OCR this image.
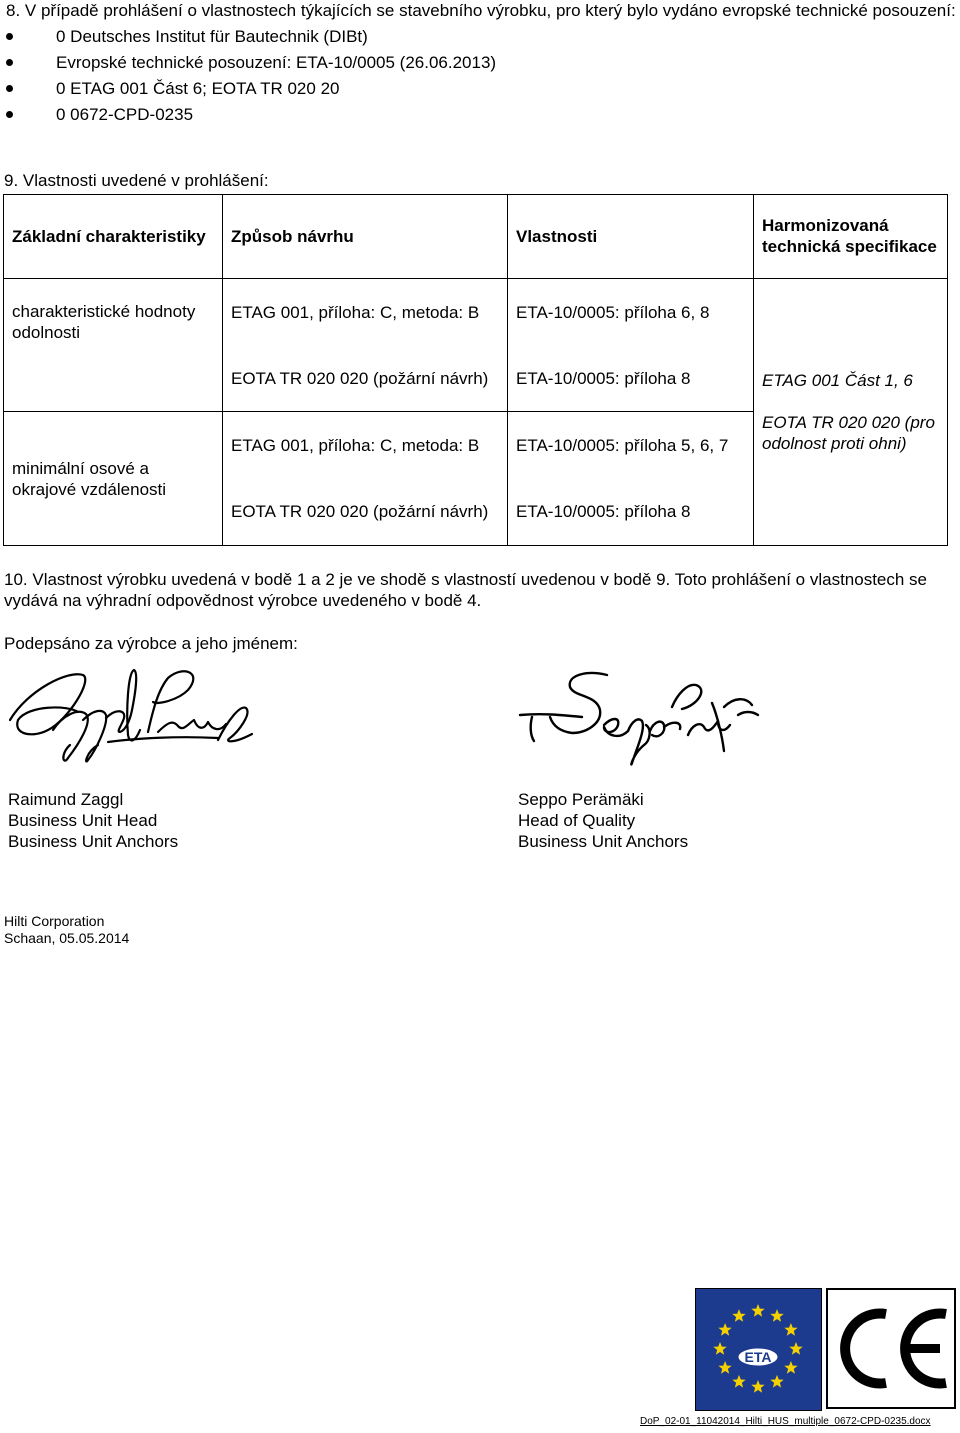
8. V případě prohlášení o vlastnostech týkajících se stavebního výrobku, pro který bylo vydáno evropské technické posouzení:
0 Deutsches Institut für Bautechnik (DIBt)
Evropské technické posouzení: ETA-10/0005 (26.06.2013)
0 ETAG 001 Část 6; EOTA TR 020 20
0 0672-CPD-0235
9. Vlastnosti uvedené v prohlášení:
Základní charakteristiky	Způsob návrhu	Vlastnosti	Harmonizovaná technická specifikace

charakteristické hodnoty odolnosti	ETAG 001, příloha: C, metoda: B	ETA-10/0005: příloha 6, 8	ETAG 001 Část 1, 6
EOTA TR 020 020 (pro odolnost proti ohni)

	EOTA TR 020 020 (požární návrh)	ETA-10/0005: příloha 8	

minimální osové a okrajové vzdálenosti	ETAG 001, příloha: C, metoda: B	ETA-10/0005: příloha 5, 6, 7	

	EOTA TR 020 020 (požární návrh)	ETA-10/0005: příloha 8	
10. Vlastnost výrobku uvedená v bodě 1 a 2 je ve shodě s vlastností uvedenou v bodě 9. Toto prohlášení o vlastnostech se vydává na výhradní odpovědnost výrobce uvedeného v bodě 4.
Podepsáno za výrobce a jeho jménem:
Raimund Zaggl
Business Unit Head
Business Unit Anchors
Seppo Perämäki
Head of Quality
Business Unit Anchors
Hilti Corporation
Schaan, 05.05.2014
ETA
DoP_02-01_11042014_Hilti_HUS_multiple_0672-CPD-0235.docx
